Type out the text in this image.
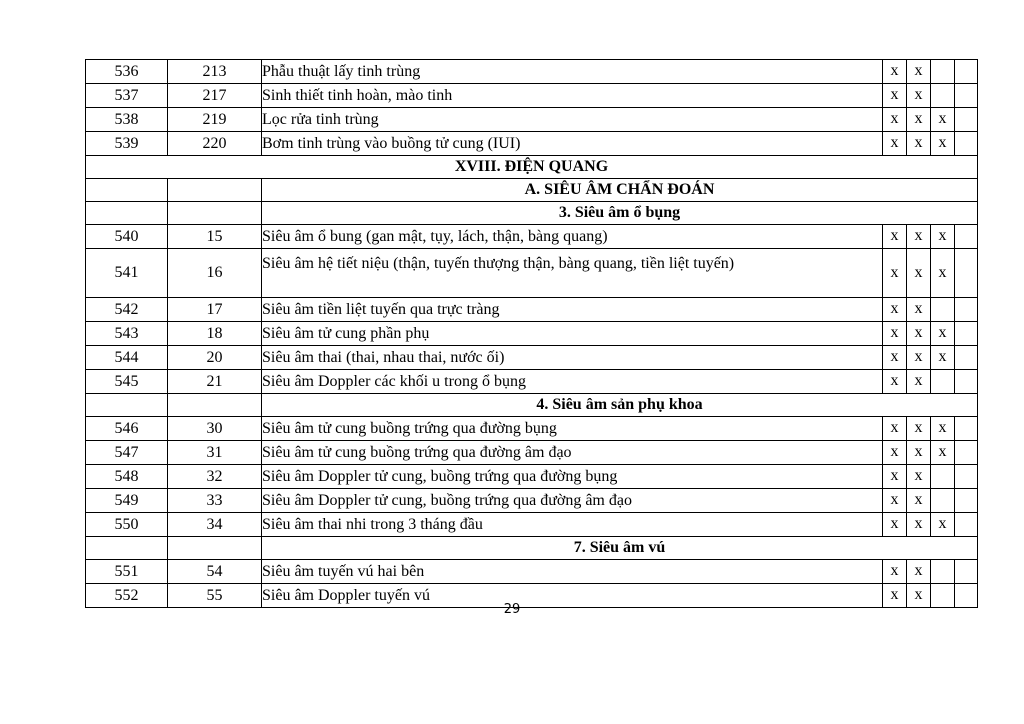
536	213	Phẫu thuật lấy tinh trùng	x	x		
537	217	Sinh thiết tinh hoàn, mào tinh	x	x		
538	219	Lọc rửa tinh trùng	x	x	x	
539	220	Bơm tinh trùng vào buồng tử cung (IUI)	x	x	x	
XVIII. ĐIỆN QUANG						
		A. SIÊU ÂM CHẨN ĐOÁN				
		3. Siêu âm ổ bụng				
540	15	Siêu âm ổ bung (gan mật, tụy, lách, thận, bàng quang)	x	x	x	
541	16	Siêu âm hệ tiết niệu (thận, tuyến thượng thận, bàng quang, tiền liệt tuyến)	x	x	x	
542	17	Siêu âm tiền liệt tuyến qua trực tràng	x	x		
543	18	Siêu âm tử cung phần phụ	x	x	x	
544	20	Siêu âm thai (thai, nhau thai, nước ối)	x	x	x	
545	21	Siêu âm Doppler các khối u trong ổ bụng	x	x		
		4. Siêu âm sản phụ khoa				
546	30	Siêu âm tử cung buồng trứng qua đường bụng	x	x	x	
547	31	Siêu âm tử cung buồng trứng qua đường âm đạo	x	x	x	
548	32	Siêu âm Doppler tử cung, buồng trứng qua đường bụng	x	x		
549	33	Siêu âm Doppler tử cung, buồng trứng qua đường âm đạo	x	x		
550	34	Siêu âm thai nhi trong 3 tháng đầu	x	x	x	
		7. Siêu âm vú				
551	54	Siêu âm tuyến vú hai bên	x	x		
552	55	Siêu âm Doppler tuyến vú	x	x		
29
